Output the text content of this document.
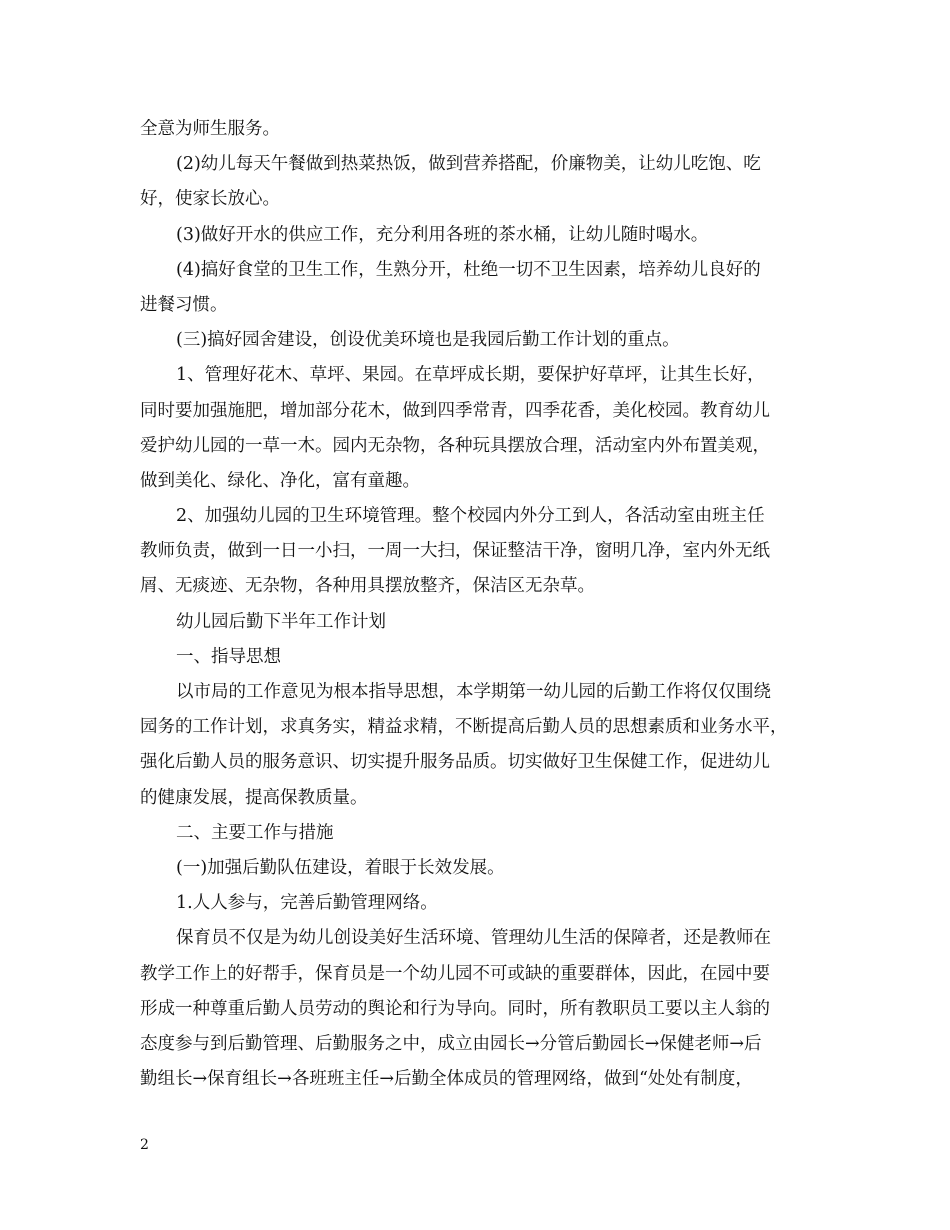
全意为师生服务。
(2)幼儿每天午餐做到热菜热饭，做到营养搭配，价廉物美，让幼儿吃饱、吃
好，使家长放心。
(3)做好开水的供应工作，充分利用各班的茶水桶，让幼儿随时喝水。
(4)搞好食堂的卫生工作，生熟分开，杜绝一切不卫生因素，培养幼儿良好的
进餐习惯。
(三)搞好园舍建设，创设优美环境也是我园后勤工作计划的重点。
1、管理好花木、草坪、果园。在草坪成长期，要保护好草坪，让其生长好，
同时要加强施肥，增加部分花木，做到四季常青，四季花香，美化校园。教育幼儿
爱护幼儿园的一草一木。园内无杂物，各种玩具摆放合理，活动室内外布置美观，
做到美化、绿化、净化，富有童趣。
2、加强幼儿园的卫生环境管理。整个校园内外分工到人，各活动室由班主任
教师负责，做到一日一小扫，一周一大扫，保证整洁干净，窗明几净，室内外无纸
屑、无痰迹、无杂物，各种用具摆放整齐，保洁区无杂草。
幼儿园后勤下半年工作计划
一、指导思想
以市局的工作意见为根本指导思想，本学期第一幼儿园的后勤工作将仅仅围绕
园务的工作计划，求真务实，精益求精，不断提高后勤人员的思想素质和业务水平，
强化后勤人员的服务意识、切实提升服务品质。切实做好卫生保健工作，促进幼儿
的健康发展，提高保教质量。
二、主要工作与措施
(一)加强后勤队伍建设，着眼于长效发展。
1.人人参与，完善后勤管理网络。
保育员不仅是为幼儿创设美好生活环境、管理幼儿生活的保障者，还是教师在
教学工作上的好帮手，保育员是一个幼儿园不可或缺的重要群体，因此，在园中要
形成一种尊重后勤人员劳动的舆论和行为导向。同时，所有教职员工要以主人翁的
态度参与到后勤管理、后勤服务之中，成立由园长→分管后勤园长→保健老师→后
勤组长→保育组长→各班班主任→后勤全体成员的管理网络，做到“处处有制度，
2
